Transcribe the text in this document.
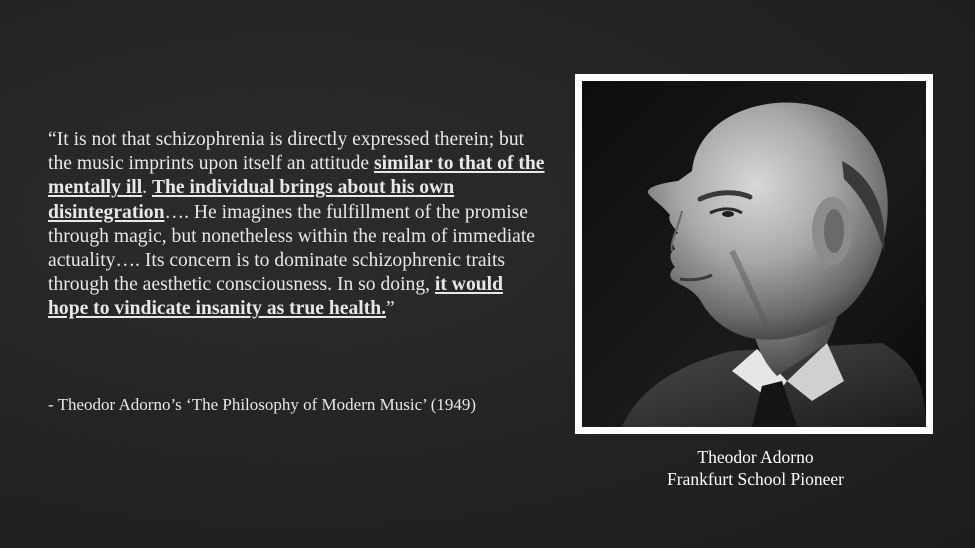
“It is not that schizophrenia is directly expressed therein; but the music imprints upon itself an attitude similar to that of the mentally ill. The individual brings about his own disintegration…. He imagines the fulfillment of the promise through magic, but nonetheless within the realm of immediate actuality…. Its concern is to dominate schizophrenic traits through the aesthetic consciousness. In so doing, it would hope to vindicate insanity as true health.”

- Theodor Adorno’s ‘The Philosophy of Modern Music’ (1949)
Theodor Adorno
Frankfurt School Pioneer
